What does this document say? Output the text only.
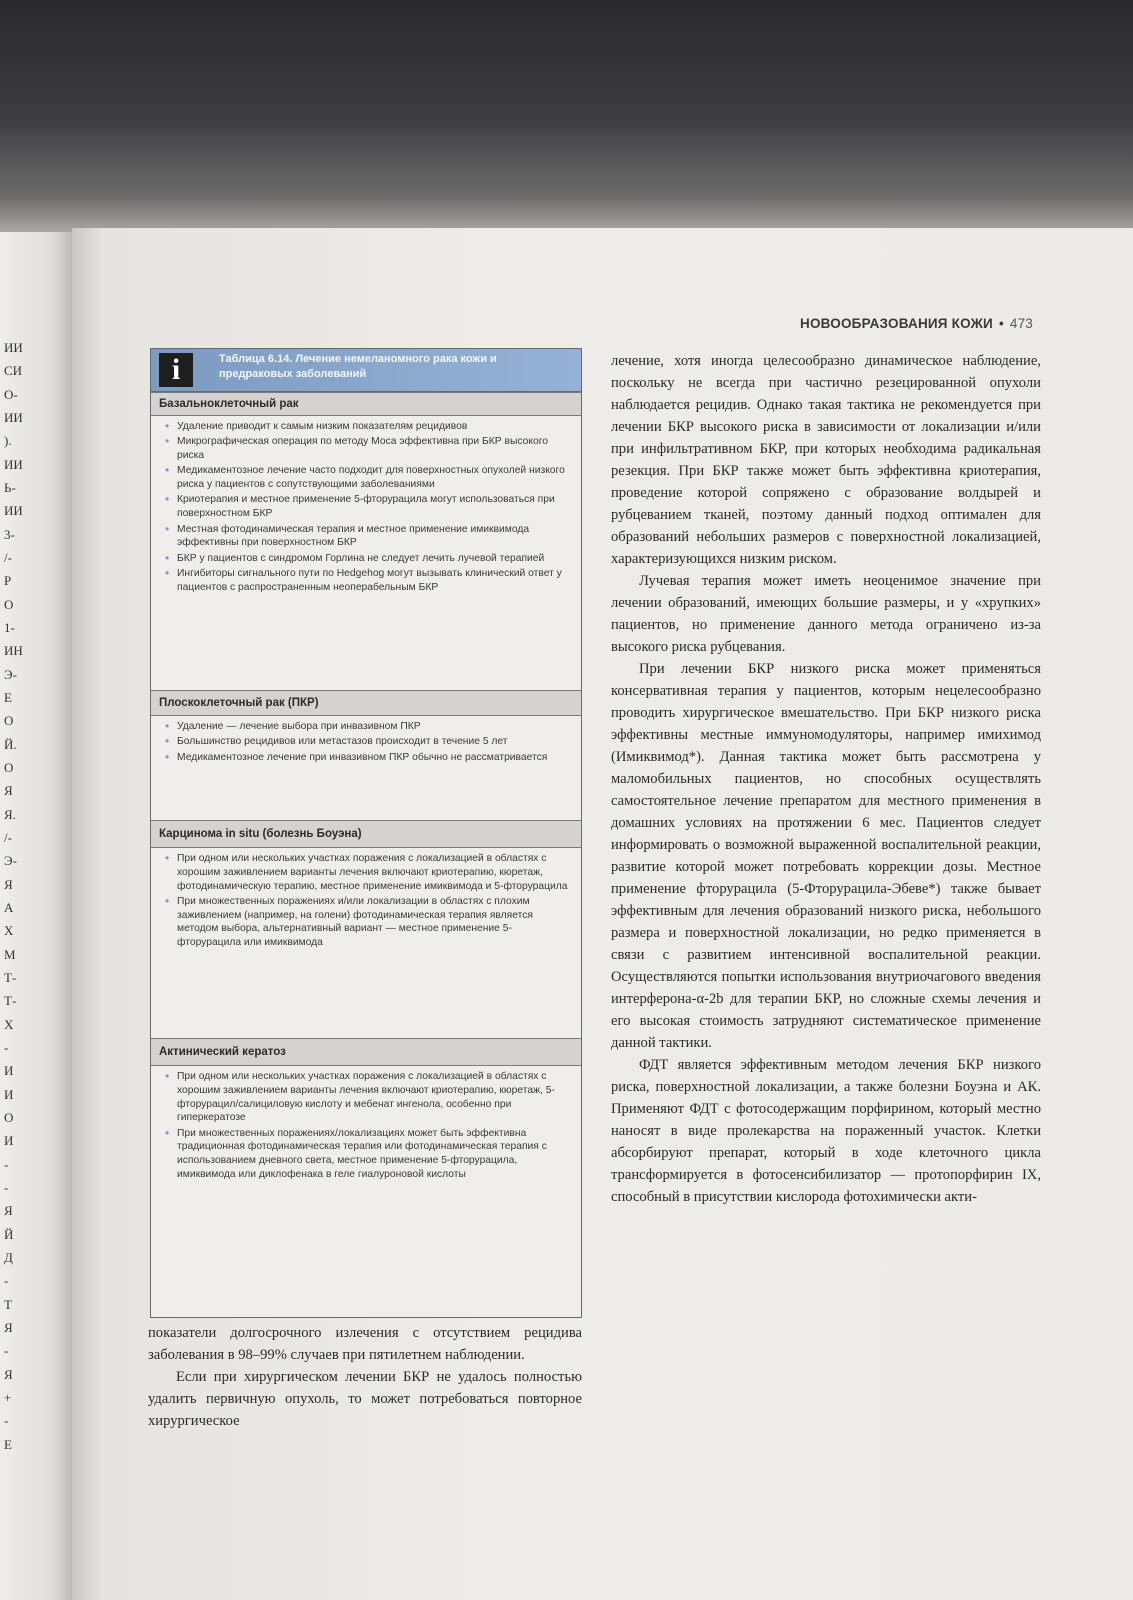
НОВООБРАЗОВАНИЯ КОЖИ • 473
i	Таблица 6.14. Лечение немеланомного рака кожи и предраковых заболеваний
Базальноклеточный рак
• Удаление приводит к самым низким показателям рецидивов
• Микрографическая операция по методу Моса эффективна при БКР высокого риска
• Медикаментозное лечение часто подходит для поверхностных опухолей низкого риска у пациентов с сопутствующими заболеваниями
• Криотерапия и местное применение 5-фторурацила могут использоваться при поверхностном БКР
• Местная фотодинамическая терапия и местное применение имиквимода эффективны при поверхностном БКР
• БКР у пациентов с синдромом Горлина не следует лечить лучевой терапией
• Ингибиторы сигнального пути по Hedgehog могут вызывать клинический ответ у пациентов с распространенным неоперабельным БКР
Плоскоклеточный рак (ПКР)
• Удаление — лечение выбора при инвазивном ПКР
• Большинство рецидивов или метастазов происходит в течение 5 лет
• Медикаментозное лечение при инвазивном ПКР обычно не рассматривается
Карцинома in situ (болезнь Боуэна)
• При одном или нескольких участках поражения с локализацией в областях с хорошим заживлением варианты лечения включают криотерапию, кюретаж, фотодинамическую терапию, местное применение имиквимода и 5-фторурацила
• При множественных поражениях и/или локализации в областях с плохим заживлением (например, на голени) фотодинамическая терапия является методом выбора, альтернативный вариант — местное применение 5-фторурацила или имиквимода
Актинический кератоз
• При одном или нескольких участках поражения с локализацией в областях с хорошим заживлением варианты лечения включают криотерапию, кюретаж, 5-фторурацил/салициловую кислоту и мебенат ингенола, особенно при гиперкератозе
• При множественных поражениях/локализациях может быть эффективна традиционная фотодинамическая терапия или фотодинамическая терапия с использованием дневного света, местное применение 5-фторурацила, имиквимода или диклофенака в геле гиалуроновой кислоты

показатели долгосрочного излечения с отсутствием рецидива заболевания в 98–99% случаев при пятилетнем наблюдении.

Если при хирургическом лечении БКР не удалось полностью удалить первичную опухоль, то может потребоваться повторное хирургическое

лечение, хотя иногда целесообразно динамическое наблюдение, поскольку не всегда при частично резецированной опухоли наблюдается рецидив. Однако такая тактика не рекомендуется при лечении БКР высокого риска в зависимости от локализации и/или при инфильтративном БКР, при которых необходима радикальная резекция. При БКР также может быть эффективна криотерапия, проведение которой сопряжено с образование волдырей и рубцеванием тканей, поэтому данный подход оптимален для образований небольших размеров с поверхностной локализацией, характеризующихся низким риском.

Лучевая терапия может иметь неоценимое значение при лечении образований, имеющих большие размеры, и у «хрупких» пациентов, но применение данного метода ограничено из-за высокого риска рубцевания.

При лечении БКР низкого риска может применяться консервативная терапия у пациентов, которым нецелесообразно проводить хирургическое вмешательство. При БКР низкого риска эффективны местные иммуномодуляторы, например имихимод (Имиквимод*). Данная тактика может быть рассмотрена у маломобильных пациентов, но способных осуществлять самостоятельное лечение препаратом для местного применения в домашних условиях на протяжении 6 мес. Пациентов следует информировать о возможной выраженной воспалительной реакции, развитие которой может потребовать коррекции дозы. Местное применение фторурацила (5-Фторурацила-Эбеве*) также бывает эффективным для лечения образований низкого риска, небольшого размера и поверхностной локализации, но редко применяется в связи с развитием интенсивной воспалительной реакции. Осуществляются попытки использования внутриочагового введения интерферона-α-2b для терапии БКР, но сложные схемы лечения и его высокая стоимость затрудняют систематическое применение данной тактики.

ФДТ является эффективным методом лечения БКР низкого риска, поверхностной локализации, а также болезни Боуэна и АК. Применяют ФДТ с фотосодержащим порфирином, который местно наносят в виде пролекарства на пораженный участок. Клетки абсорбируют препарат, который в ходе клеточного цикла трансформируется в фотосенсибилизатор — протопорфирин IX, способный в присутствии кислорода фотохимически акти-

ИИ
СИ
О-
ИИ
).
ИИ
Ь-
ИИ
3-
/-
Р
О
1-
ИН
Э-
Е
О
Й.
О
Я
Я.
/-
Э-
Я
А
Х
М
Т-
Т-
Х
-
И
И
О
И
-
-
Я
Й
Д
-
Т
Я
-
Я
+
-
Е
